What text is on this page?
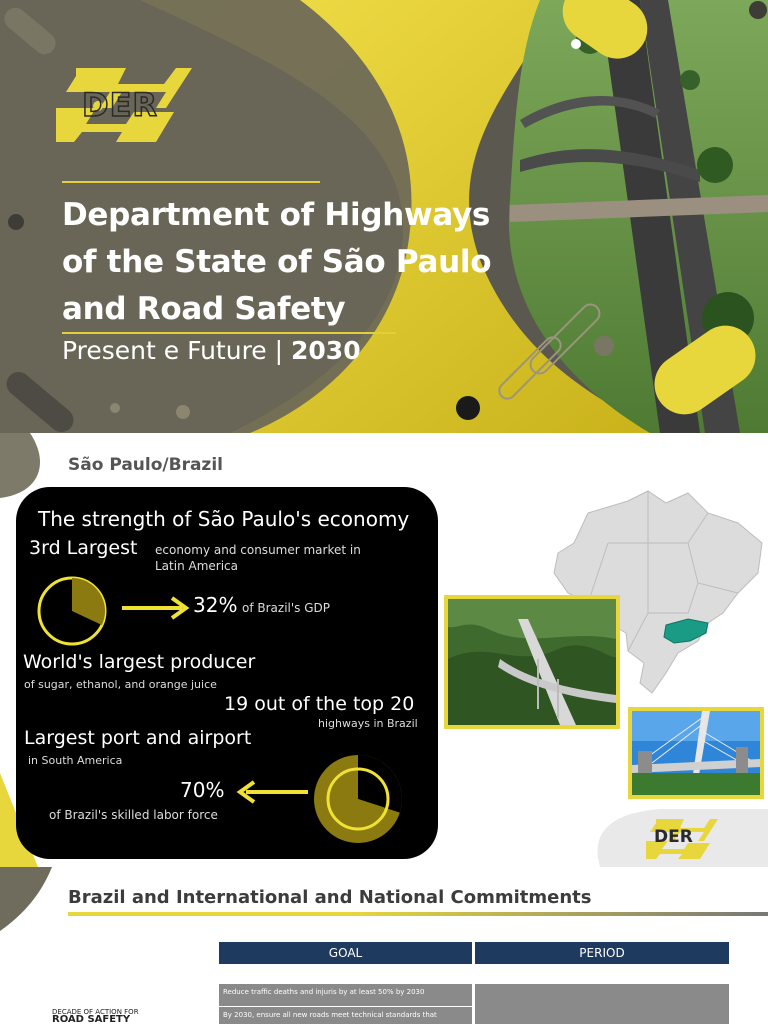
DER
Department of Highways
of the State of São Paulo
and Road Safety
Present e Future | 2030
São Paulo/Brazil
The strength of São Paulo's economy
3rd Largest economy and consumer market in
Latin America
32% of Brazil's GDP
World's largest producer
of sugar, ethanol, and orange juice
19 out of the top 20
highways in Brazil
Largest port and airport
in South America
70%
of Brazil's skilled labor force
DER
Brazil and International and National Commitments
GOAL	PERIOD
Reduce traffic deaths and injuris by at least 50% by 2030
By 2030, ensure all new roads meet technical standards that
DECADE OF ACTION FOR
ROAD SAFETY
